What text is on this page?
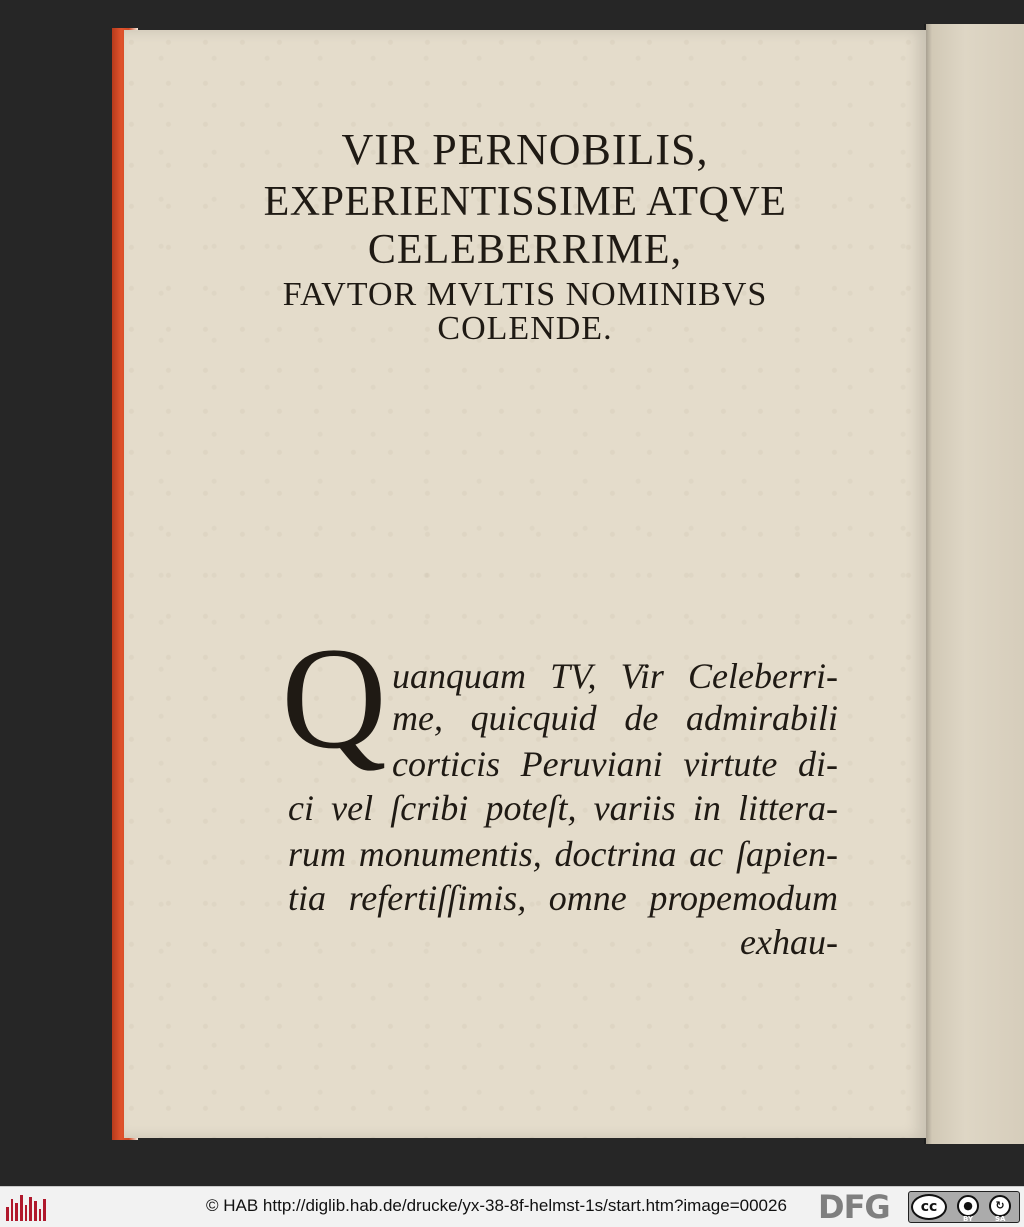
VIR PERNOBILIS,
EXPERIENTISSIME ATQVE
CELEBERRIME,
FAVTOR MVLTIS NOMINIBVS
COLENDE.
Q uanquam TV, Vir Celeberri-
me, quicquid de admirabili
corticis Peruviani virtute di-
ci vel ſcribi poteſt, variis in littera-
rum monumentis, doctrina ac ſapien-
tia refertiſſimis, omne propemodum
exhau-
© HAB http://diglib.hab.de/drucke/yx-38-8f-helmst-1s/start.htm?image=00026 DFG	cc	●
BY
↻
SA
